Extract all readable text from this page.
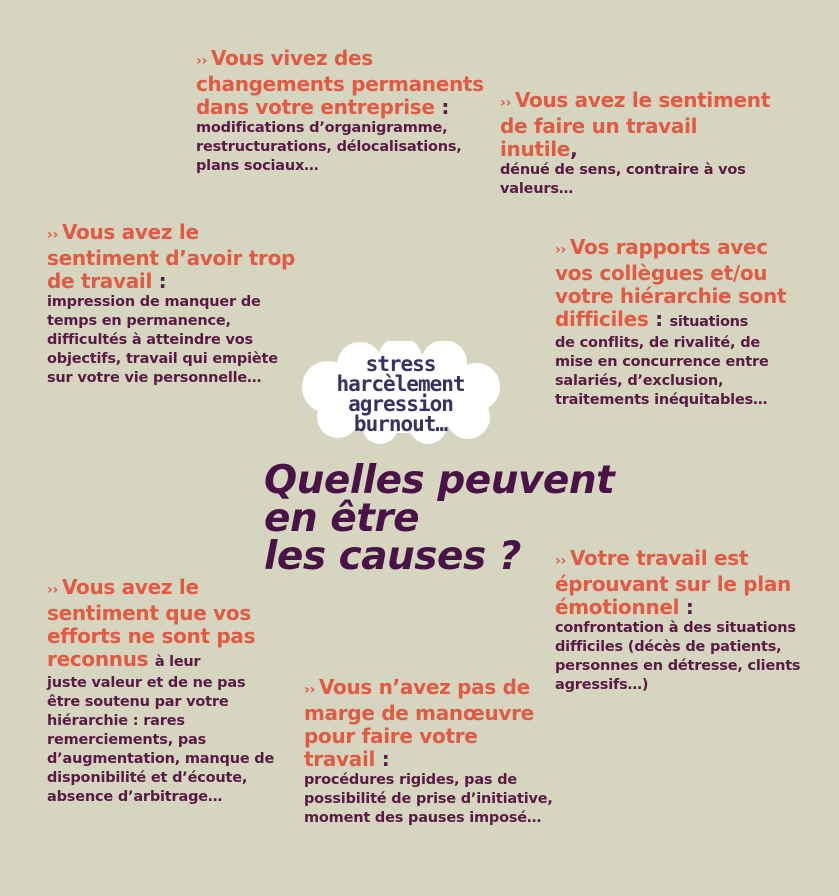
›› Vous vivez des changements permanents dans votre entreprise :
modifications d’organigramme, restructurations, délocalisations, plans sociaux…
›› Vous avez le sentiment de faire un travail inutile,
dénué de sens, contraire à vos valeurs…
›› Vous avez le sentiment d’avoir trop de travail :
impression de manquer de temps en permanence, difficultés à atteindre vos objectifs, travail qui empiète sur votre vie personnelle…
›› Vos rapports avec vos collègues et/ou votre hiérarchie sont difficiles : situations
de conflits, de rivalité, de mise en concurrence entre salariés, d’exclusion, traitements inéquitables…
›› Votre travail est éprouvant sur le plan émotionnel :
confrontation à des situations difficiles (décès de patients, personnes en détresse, clients agressifs…)
›› Vous avez le sentiment que vos efforts ne sont pas reconnus à leur
juste valeur et de ne pas être soutenu par votre hiérarchie : rares remerciements, pas d’augmentation, manque de disponibilité et d’écoute, absence d’arbitrage…
›› Vous n’avez pas de marge de manœuvre pour faire votre travail :
procédures rigides, pas de possibilité de prise d’initiative, moment des pauses imposé…
stress
harcèlement
agression
burnout…
Quelles peuvent
en être
les causes ?
